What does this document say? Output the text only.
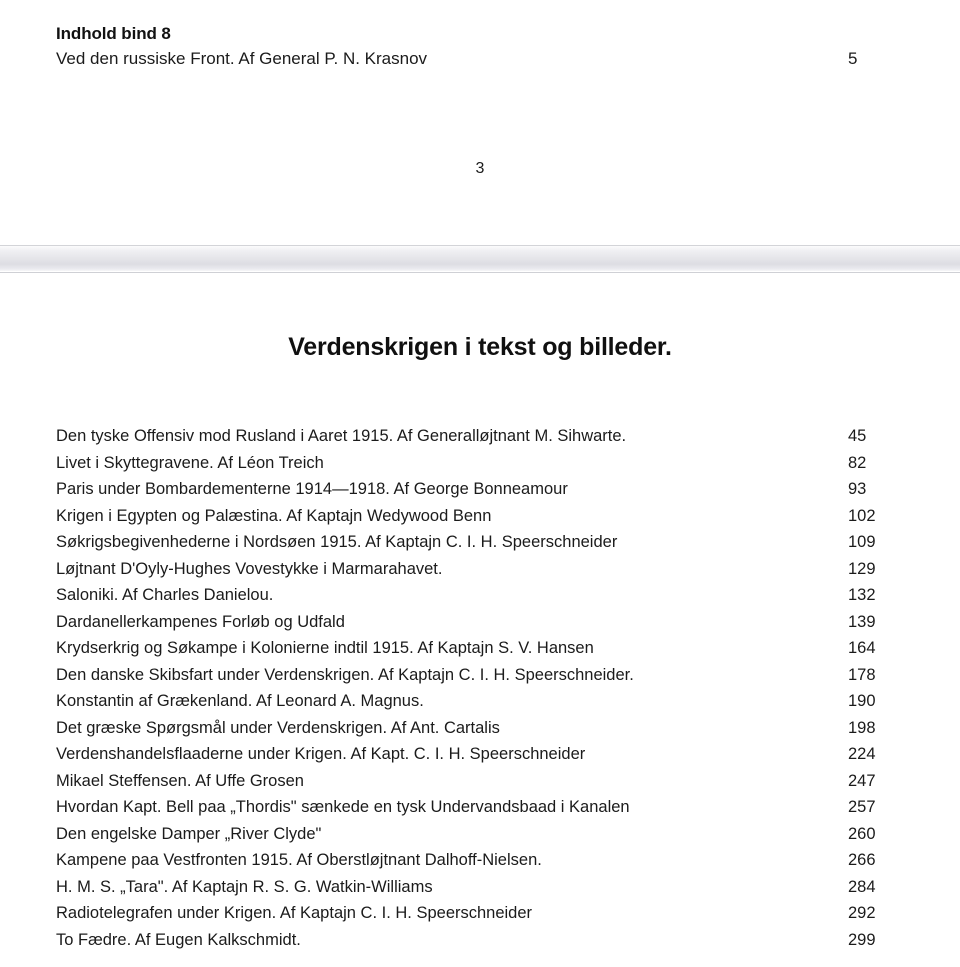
Indhold bind 8
Ved den russiske Front. Af General P. N. Krasnov	5
3
Verdenskrigen i tekst og billeder.
Den tyske Offensiv mod Rusland i Aaret 1915. Af Generalløjtnant M. Sihwarte.	45
Livet i Skyttegravene. Af Léon Treich	82
Paris under Bombardementerne 1914—1918. Af George Bonneamour	93
Krigen i Egypten og Palæstina. Af Kaptajn Wedywood Benn	102
Søkrigsbegivenhederne i Nordsøen 1915. Af Kaptajn C. I. H. Speerschneider	109
Løjtnant D'Oyly-Hughes Vovestykke i Marmarahavet.	129
Saloniki. Af Charles Danielou.	132
Dardanellerkampenes Forløb og Udfald	139
Krydserkrig og Søkampe i Kolonierne indtil 1915. Af Kaptajn S. V. Hansen	164
Den danske Skibsfart under Verdenskrigen. Af Kaptajn C. I. H. Speerschneider.	178
Konstantin af Grækenland. Af Leonard A. Magnus.	190
Det græske Spørgsmål under Verdenskrigen. Af Ant. Cartalis	198
Verdenshandelsflaaderne under Krigen. Af Kapt. C. I. H. Speerschneider	224
Mikael Steffensen. Af Uffe Grosen	247
Hvordan Kapt. Bell paa „Thordis" sænkede en tysk Undervandsbaad i Kanalen	257
Den engelske Damper „River Clyde"	260
Kampene paa Vestfronten 1915. Af Oberstløjtnant Dalhoff-Nielsen.	266
H. M. S. „Tara". Af Kaptajn R. S. G. Watkin-Williams	284
Radiotelegrafen under Krigen. Af Kaptajn C. I. H. Speerschneider	292
To Fædre. Af Eugen Kalkschmidt.	299
